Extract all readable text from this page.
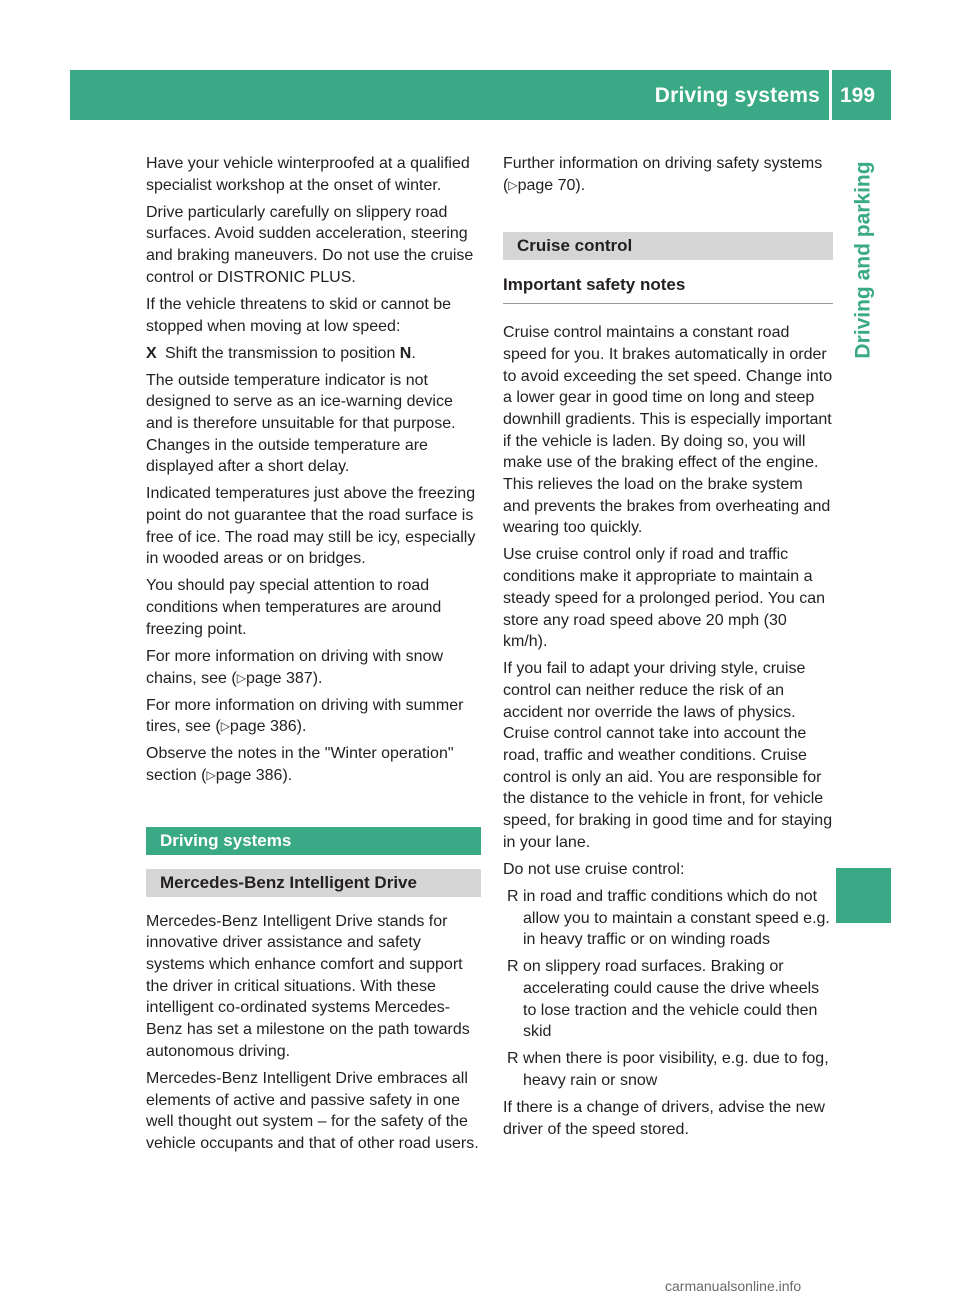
Driving systems 199
Driving and parking

Have your vehicle winterproofed at a qualified specialist workshop at the onset of winter.

Drive particularly carefully on slippery road surfaces. Avoid sudden acceleration, steering and braking maneuvers. Do not use the cruise control or DISTRONIC PLUS.

If the vehicle threatens to skid or cannot be stopped when moving at low speed:

X Shift the transmission to position N.

The outside temperature indicator is not designed to serve as an ice-warning device and is therefore unsuitable for that purpose. Changes in the outside temperature are displayed after a short delay.

Indicated temperatures just above the freezing point do not guarantee that the road surface is free of ice. The road may still be icy, especially in wooded areas or on bridges.

You should pay special attention to road conditions when temperatures are around freezing point.

For more information on driving with snow chains, see (▷page 387).

For more information on driving with summer tires, see (▷page 386).

Observe the notes in the "Winter operation" section (▷page 386).

Driving systems
Mercedes-Benz Intelligent Drive

Mercedes-Benz Intelligent Drive stands for innovative driver assistance and safety systems which enhance comfort and support the driver in critical situations. With these intelligent co-ordinated systems Mercedes-Benz has set a milestone on the path towards autonomous driving.

Mercedes-Benz Intelligent Drive embraces all elements of active and passive safety in one well thought out system – for the safety of the vehicle occupants and that of other road users.

Further information on driving safety systems (▷page 70).

Cruise control
Important safety notes

Cruise control maintains a constant road speed for you. It brakes automatically in order to avoid exceeding the set speed. Change into a lower gear in good time on long and steep downhill gradients. This is especially important if the vehicle is laden. By doing so, you will make use of the braking effect of the engine. This relieves the load on the brake system and prevents the brakes from overheating and wearing too quickly.

Use cruise control only if road and traffic conditions make it appropriate to maintain a steady speed for a prolonged period. You can store any road speed above 20 mph (30 km/h).

If you fail to adapt your driving style, cruise control can neither reduce the risk of an accident nor override the laws of physics. Cruise control cannot take into account the road, traffic and weather conditions. Cruise control is only an aid. You are responsible for the distance to the vehicle in front, for vehicle speed, for braking in good time and for staying in your lane.

Do not use cruise control:

R in road and traffic conditions which do not allow you to maintain a constant speed e.g. in heavy traffic or on winding roads
R on slippery road surfaces. Braking or accelerating could cause the drive wheels to lose traction and the vehicle could then skid
R when there is poor visibility, e.g. due to fog, heavy rain or snow

If there is a change of drivers, advise the new driver of the speed stored.

carmanualsonline.info
